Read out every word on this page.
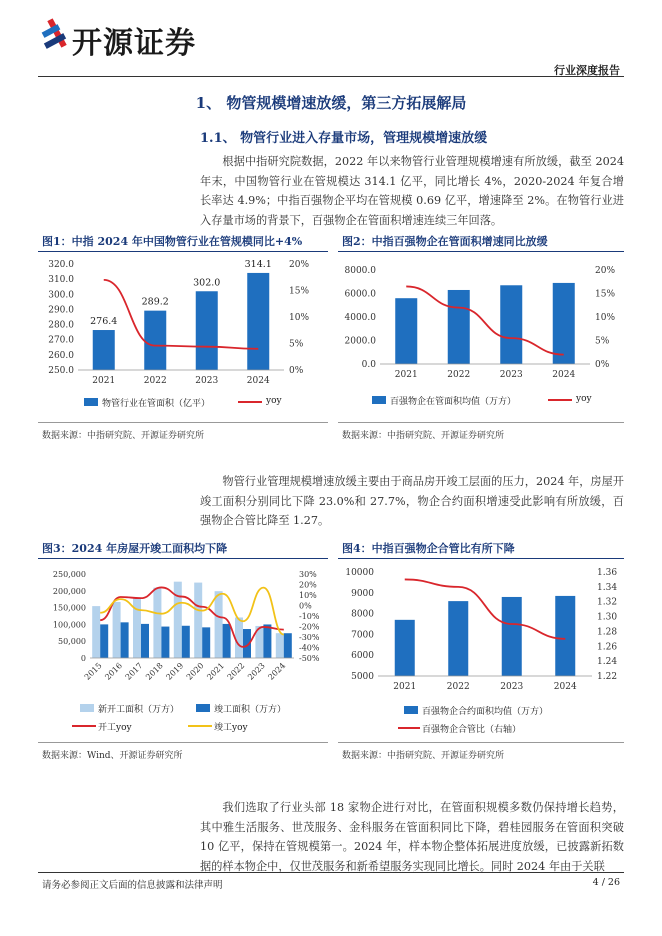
开源证券
行业深度报告
1、 物管规模增速放缓，第三方拓展解局
1.1、 物管行业进入存量市场，管理规模增速放缓

根据中指研究院数据，2022 年以来物管行业管理规模增速有所放缓，截至 2024 年末，中国物管行业在管规模达 314.1 亿平，同比增长 4%，2020-2024 年复合增长率达 4.9%；中指百强物企平均在管规模 0.69 亿平，增速降至 2%。在物管行业进入存量市场的背景下，百强物企在管面积增速连续三年回落。

图1：中指 2024 年中国物管行业在管规模同比+4%
320.0
310.0
300.0
290.0
280.0
270.0
260.0
250.0
20%
15%
10%
5%
0%
2021	2022	2023	2024
276.4
289.2
302.0
314.1
物管行业在管面积（亿平）	yoy
数据来源：中指研究院、开源证券研究所
图2：中指百强物企在管面积增速同比放缓
8000.0
6000.0
4000.0
2000.0
0.0
20%
15%
10%
5%
0%
2021	2022	2023	2024
百强物企在管面积均值（万方）	yoy
数据来源：中指研究院、开源证券研究所

物管行业管理规模增速放缓主要由于商品房开竣工层面的压力，2024 年，房屋开竣工面积分别同比下降 23.0%和 27.7%，物企合约面积增速受此影响有所放缓，百强物企合管比降至 1.27。

图3：2024 年房屋开竣工面积均下降
250,000
200,000
150,000
100,000
50,000
0
30%
20%
10%
0%
-10%
-20%
-30%
-40%
-50%
2015 2016 2017 2018 2019 2020 2021 2022 2023 2024
新开工面积（万方）	竣工面积（万方）
开工yoy	竣工yoy
数据来源：Wind、开源证券研究所
图4：中指百强物企合管比有所下降
10000
9000
8000
7000
6000
5000
1.36
1.34
1.32
1.30
1.28
1.26
1.24
1.22
2021	2022	2023	2024
百强物企合约面积均值（万方）
百强物企合管比（右轴）
数据来源：中指研究院、开源证券研究所

我们选取了行业头部 18 家物企进行对比，在管面积规模多数仍保持增长趋势，其中雅生活服务、世茂服务、金科服务在管面积同比下降，碧桂园服务在管面积突破 10 亿平，保持在管规模第一。2024 年，样本物企整体拓展进度放缓，已披露新拓数据的样本物企中，仅世茂服务和新希望服务实现同比增长。同时 2024 年由于关联

请务必参阅正文后面的信息披露和法律声明	4 / 26
